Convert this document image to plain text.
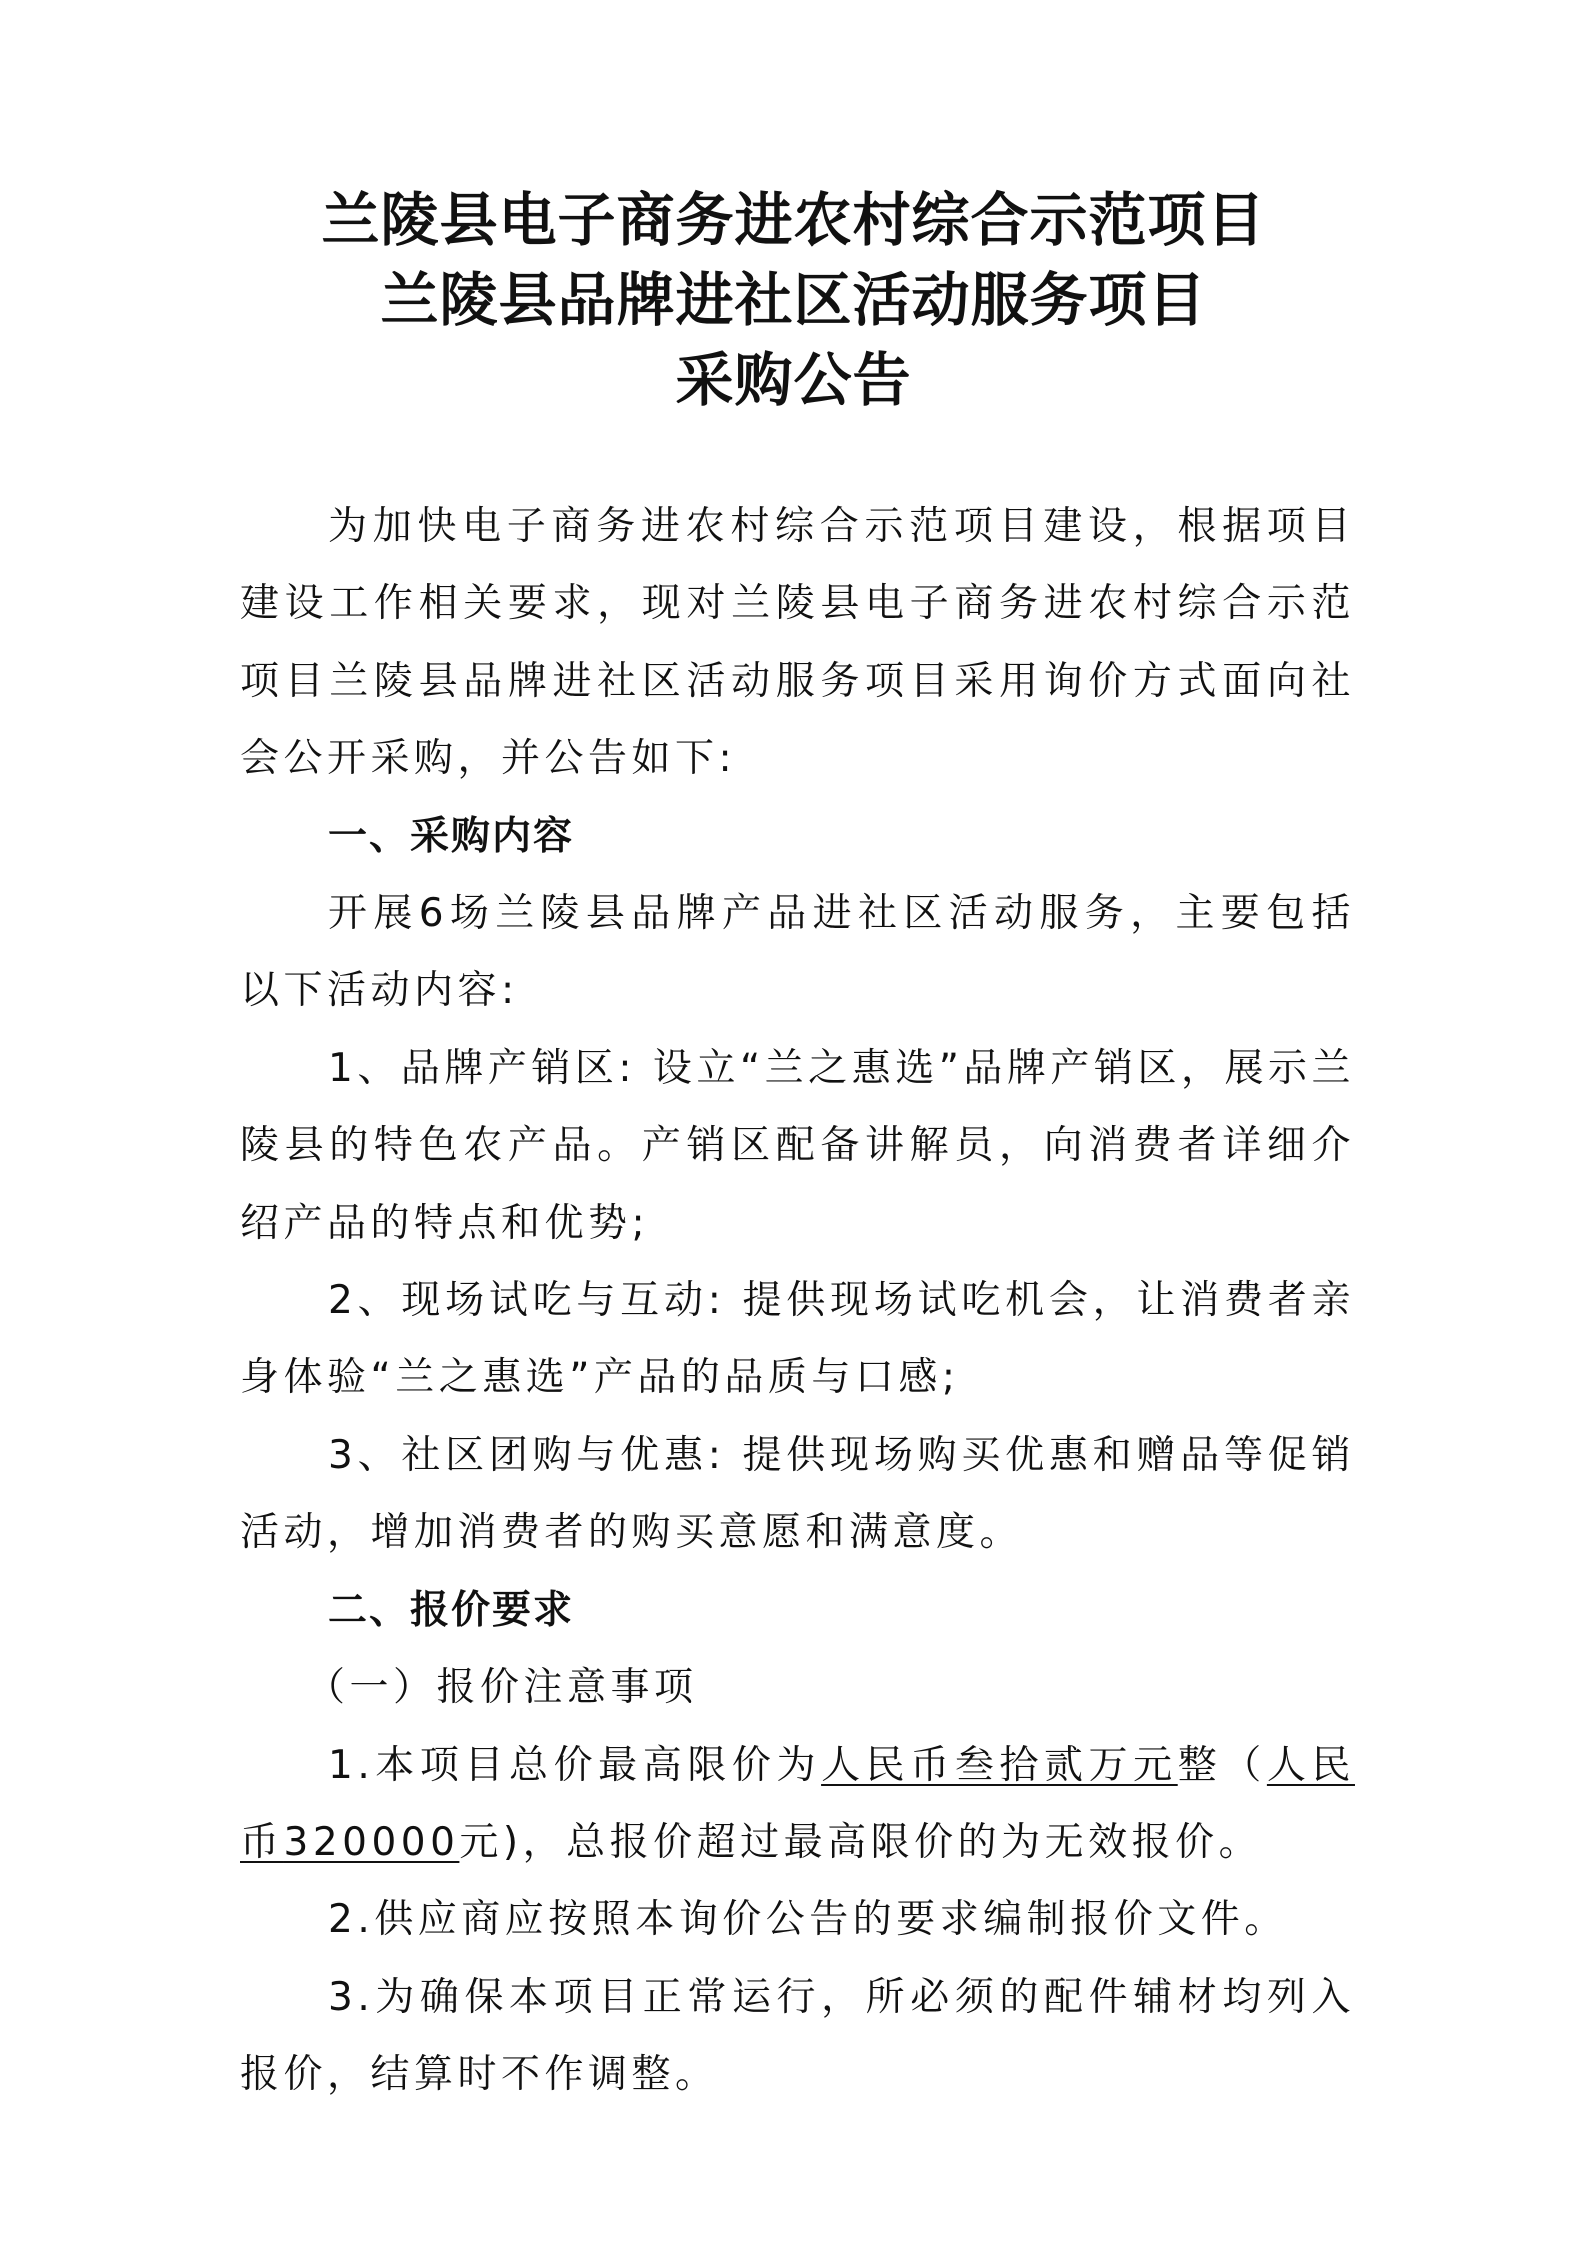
兰陵县电子商务进农村综合示范项目
兰陵县品牌进社区活动服务项目
采购公告

为加快电子商务进农村综合示范项目建设，根据项目建设工作相关要求，现对兰陵县电子商务进农村综合示范项目兰陵县品牌进社区活动服务项目采用询价方式面向社会公开采购，并公告如下:

一、采购内容

开展6场兰陵县品牌产品进社区活动服务，主要包括以下活动内容:

1、品牌产销区: 设立“兰之惠选”品牌产销区，展示兰陵县的特色农产品。产销区配备讲解员，向消费者详细介绍产品的特点和优势;

2、现场试吃与互动: 提供现场试吃机会，让消费者亲身体验“兰之惠选”产品的品质与口感;

3、社区团购与优惠: 提供现场购买优惠和赠品等促销活动，增加消费者的购买意愿和满意度。

二、报价要求

（一）报价注意事项

1.本项目总价最高限价为人民币叁拾贰万元整（人民币320000元)，总报价超过最高限价的为无效报价。

2.供应商应按照本询价公告的要求编制报价文件。

3.为确保本项目正常运行，所必须的配件辅材均列入报价，结算时不作调整。
